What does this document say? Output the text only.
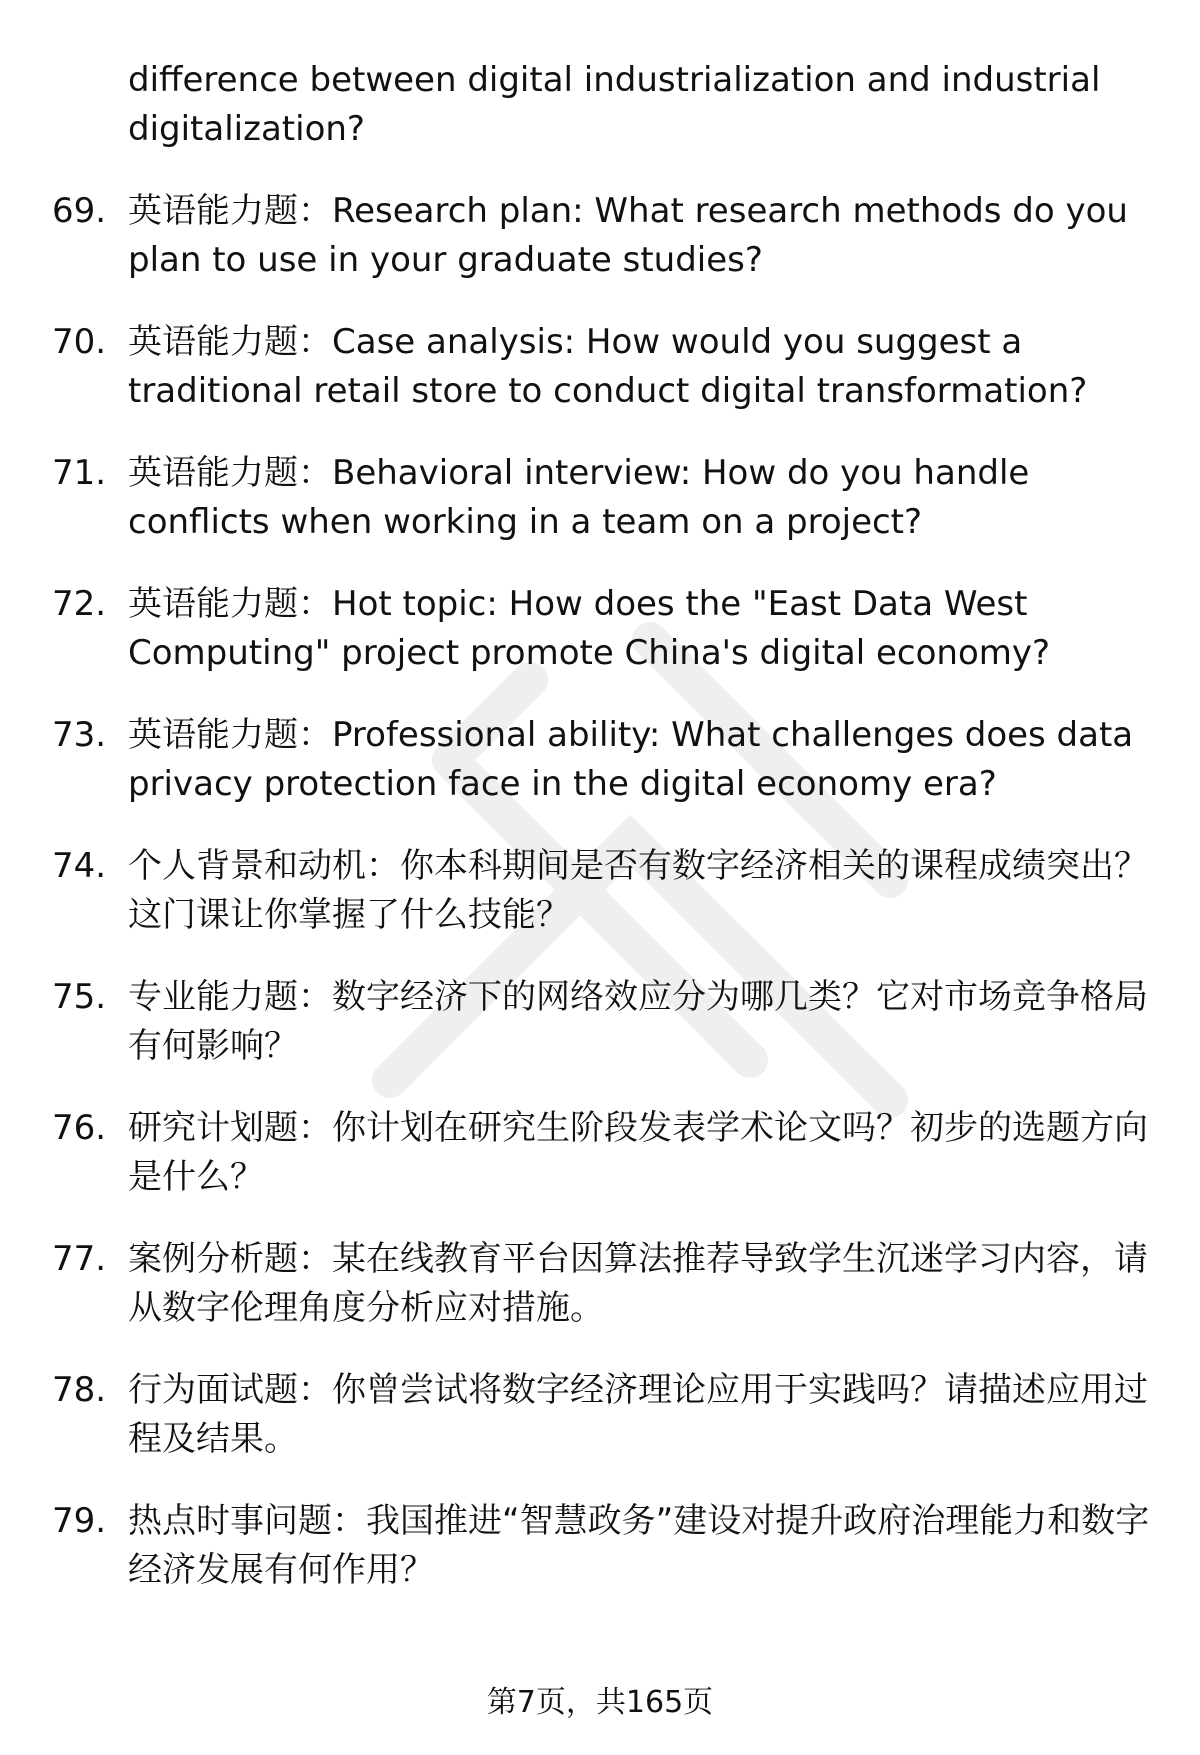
difference between digital industrialization and industrial digitalization?
69. 英语能力题：Research plan: What research methods do you plan to use in your graduate studies?
70. 英语能力题：Case analysis: How would you suggest a traditional retail store to conduct digital transformation?
71. 英语能力题：Behavioral interview: How do you handle conflicts when working in a team on a project?
72. 英语能力题：Hot topic: How does the "East Data West Computing" project promote China's digital economy?
73. 英语能力题：Professional ability: What challenges does data privacy protection face in the digital economy era?
74. 个人背景和动机：你本科期间是否有数字经济相关的课程成绩突出？这门课让你掌握了什么技能？
75. 专业能力题：数字经济下的网络效应分为哪几类？它对市场竞争格局有何影响？
76. 研究计划题：你计划在研究生阶段发表学术论文吗？初步的选题方向是什么？
77. 案例分析题：某在线教育平台因算法推荐导致学生沉迷学习内容，请从数字伦理角度分析应对措施。
78. 行为面试题：你曾尝试将数字经济理论应用于实践吗？请描述应用过程及结果。
79. 热点时事问题：我国推进“智慧政务”建设对提升政府治理能力和数字经济发展有何作用？
第7页，共165页
